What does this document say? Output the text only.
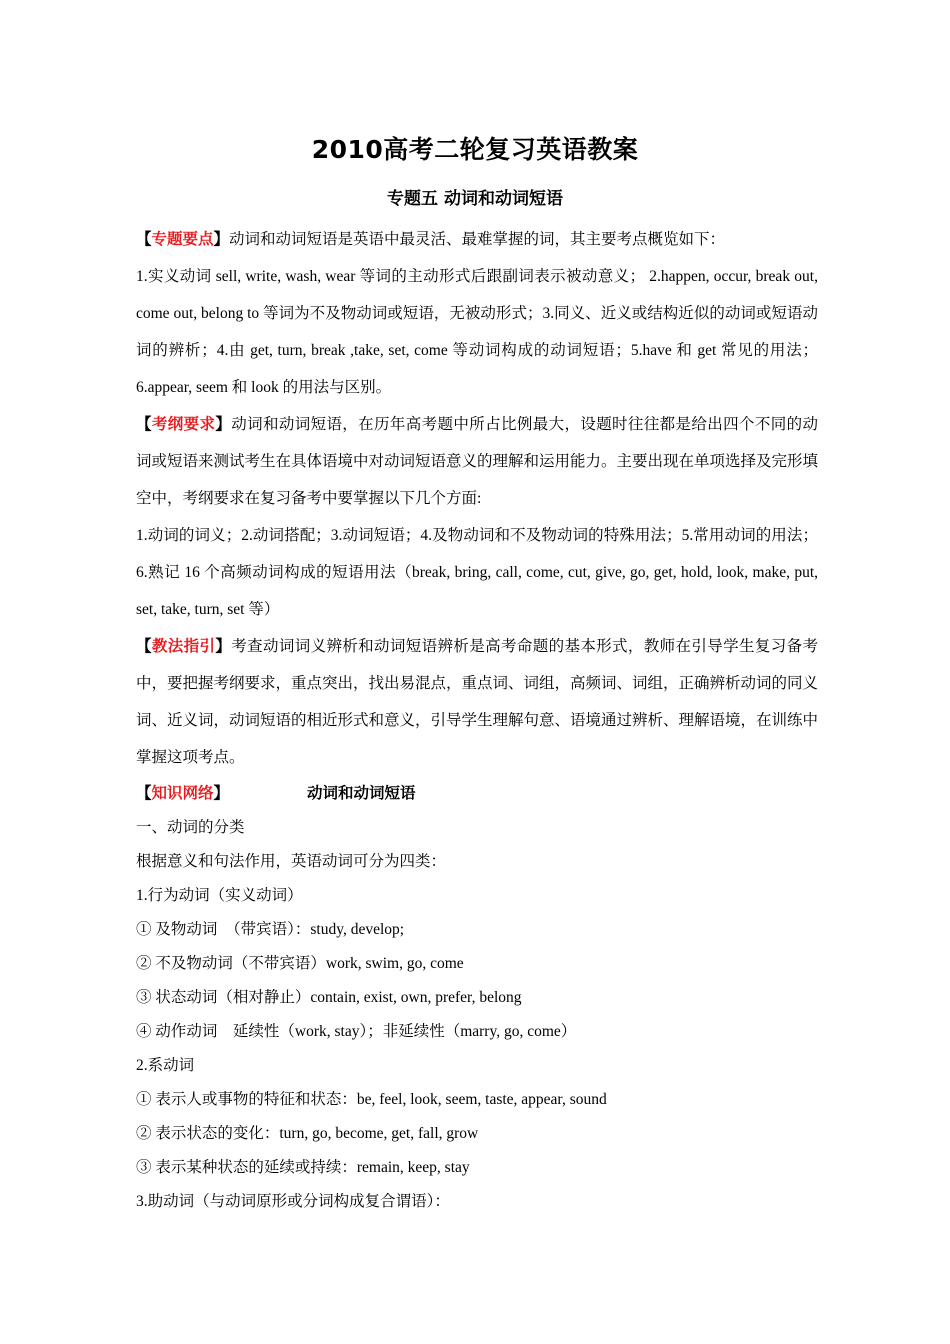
2010高考二轮复习英语教案
专题五 动词和动词短语

【专题要点】动词和动词短语是英语中最灵活、最难掌握的词，其主要考点概览如下：
1.实义动词 sell, write, wash, wear 等词的主动形式后跟副词表示被动意义； 2.happen, occur, break out, come out, belong to 等词为不及物动词或短语，无被动形式；3.同义、近义或结构近似的动词或短语动词的辨析；4.由 get, turn, break ,take, set, come 等动词构成的动词短语；5.have 和 get 常见的用法；6.appear, seem 和 look 的用法与区别。

【考纲要求】动词和动词短语，在历年高考题中所占比例最大，设题时往往都是给出四个不同的动词或短语来测试考生在具体语境中对动词短语意义的理解和运用能力。主要出现在单项选择及完形填空中，考纲要求在复习备考中要掌握以下几个方面:

1.动词的词义；2.动词搭配；3.动词短语；4.及物动词和不及物动词的特殊用法；5.常用动词的用法；6.熟记 16 个高频动词构成的短语用法（break, bring, call, come, cut, give, go, get, hold, look, make, put, set, take, turn, set 等）

【教法指引】考查动词词义辨析和动词短语辨析是高考命题的基本形式，教师在引导学生复习备考中，要把握考纲要求，重点突出，找出易混点，重点词、词组，高频词、词组，正确辨析动词的同义词、近义词，动词短语的相近形式和意义，引导学生理解句意、语境通过辨析、理解语境，在训练中掌握这项考点。

【知识网络】	动词和动词短语

一、动词的分类

根据意义和句法作用，英语动词可分为四类：

1.行为动词（实义动词）

① 及物动词　（带宾语）：study, develop;

② 不及物动词（不带宾语）work, swim, go, come

③ 状态动词（相对静止）contain, exist, own, prefer, belong

④ 动作动词　延续性（work, stay）；非延续性（marry, go, come）

2.系动词

① 表示人或事物的特征和状态：be, feel, look, seem, taste, appear, sound

② 表示状态的变化：turn, go, become, get, fall, grow

③ 表示某种状态的延续或持续：remain, keep, stay

3.助动词（与动词原形或分词构成复合谓语）：
